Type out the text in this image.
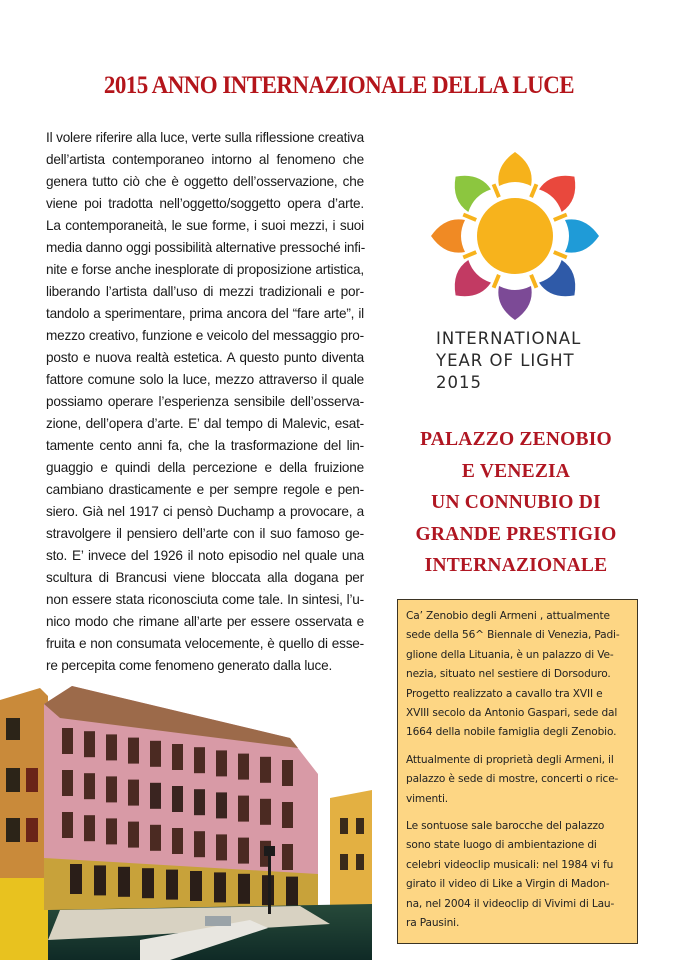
2015 ANNO INTERNAZIONALE DELLA LUCE
Il volere riferire alla luce, verte sulla riflessione creativa
dell’artista contemporaneo intorno al fenomeno che
genera tutto ciò che è oggetto dell’osservazione, che
viene poi tradotta nell’oggetto/soggetto opera d’arte.
La contemporaneità, le sue forme, i suoi mezzi, i suoi
media danno oggi possibilità alternative pressoché infi-
nite e forse anche inesplorate di proposizione artistica,
liberando l’artista dall’uso di mezzi tradizionali e por-
tandolo a sperimentare, prima ancora del “fare arte”, il
mezzo creativo, funzione e veicolo del messaggio pro-
posto e nuova realtà estetica. A questo punto diventa
fattore comune solo la luce, mezzo attraverso il quale
possiamo operare l’esperienza sensibile dell’osserva-
zione, dell’opera d’arte. E’ dal tempo di Malevic, esat-
tamente cento anni fa, che la trasformazione del lin-
guaggio e quindi della percezione e della fruizione
cambiano drasticamente e per sempre regole e pen-
siero. Già nel 1917 ci pensò Duchamp a provocare, a
stravolgere il pensiero dell’arte con il suo famoso ge-
sto. E’ invece del 1926 il noto episodio nel quale una
scultura di Brancusi viene bloccata alla dogana per
non essere stata riconosciuta come tale. In sintesi, l’u-
nico modo che rimane all’arte per essere osservata e
fruita e non consumata velocemente, è quello di esse-
re percepita come fenomeno generato dalla luce.
INTERNATIONAL
YEAR OF LIGHT
2015
PALAZZO ZENOBIO
E VENEZIA
UN CONNUBIO DI
GRANDE PRESTIGIO
INTERNAZIONALE

Ca’ Zenobio degli Armeni , attualmente
sede della 56^ Biennale di Venezia, Padi-
glione della Lituania, è un palazzo di Ve-
nezia, situato nel sestiere di Dorsoduro.
Progetto realizzato a cavallo tra XVII e
XVIII secolo da Antonio Gaspari, sede dal
1664 della nobile famiglia degli Zenobio.

Attualmente di proprietà degli Armeni, il
palazzo è sede di mostre, concerti o rice-
vimenti.

Le sontuose sale barocche del palazzo
sono state luogo di ambientazione di
celebri videoclip musicali: nel 1984 vi fu
girato il video di Like a Virgin di Madon-
na, nel 2004 il videoclip di Vivimi di Lau-
ra Pausini.
